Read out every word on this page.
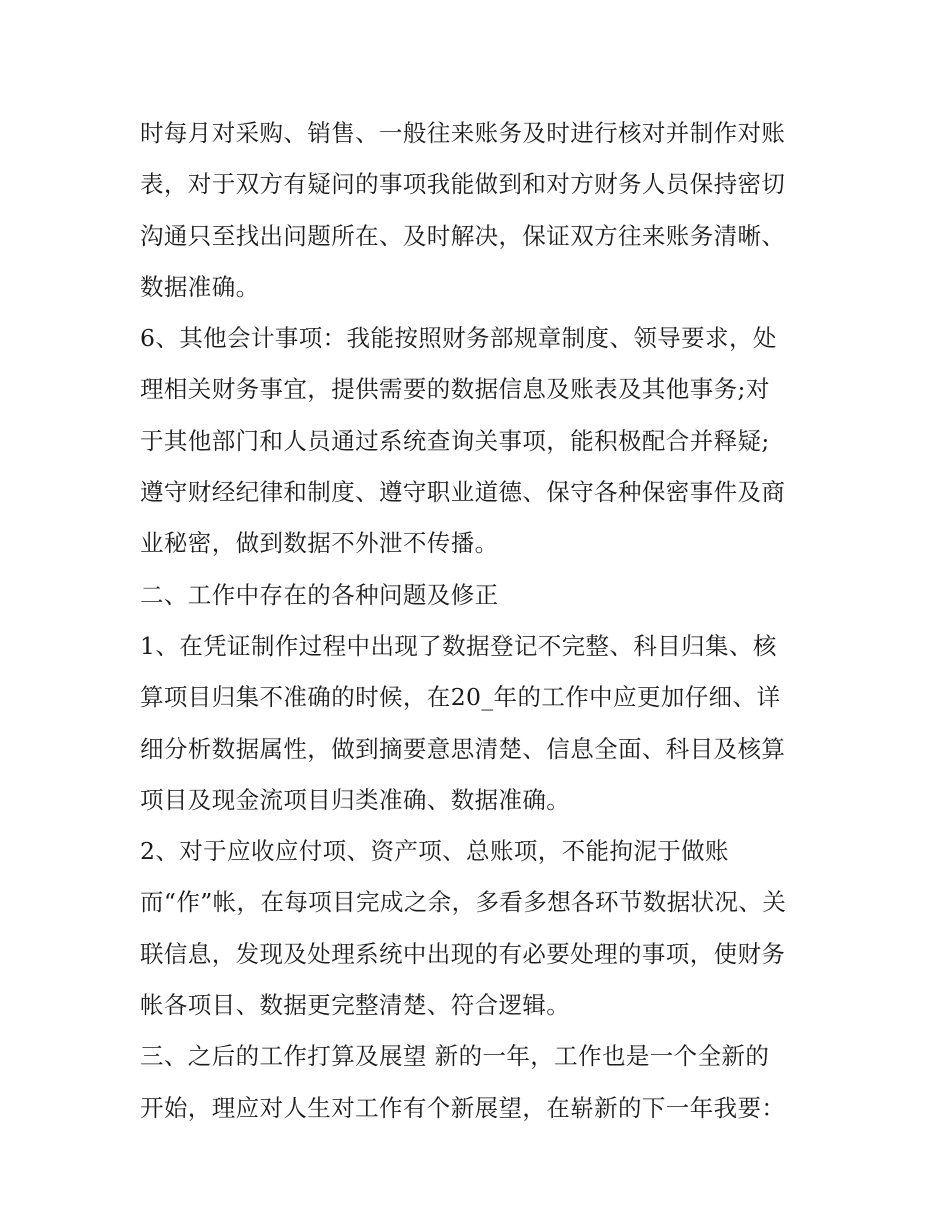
时每月对采购、销售、一般往来账务及时进行核对并制作对账
表，对于双方有疑问的事项我能做到和对方财务人员保持密切
沟通只至找出问题所在、及时解决，保证双方往来账务清晰、
数据准确。
6、其他会计事项：我能按照财务部规章制度、领导要求，处
理相关财务事宜，提供需要的数据信息及账表及其他事务;对
于其他部门和人员通过系统查询关事项，能积极配合并释疑;
遵守财经纪律和制度、遵守职业道德、保守各种保密事件及商
业秘密，做到数据不外泄不传播。
二、工作中存在的各种问题及修正
1、在凭证制作过程中出现了数据登记不完整、科目归集、核
算项目归集不准确的时候，在20_年的工作中应更加仔细、详
细分析数据属性，做到摘要意思清楚、信息全面、科目及核算
项目及现金流项目归类准确、数据准确。
2、对于应收应付项、资产项、总账项，不能拘泥于做账
而“作”帐，在每项目完成之余，多看多想各环节数据状况、关
联信息，发现及处理系统中出现的有必要处理的事项，使财务
帐各项目、数据更完整清楚、符合逻辑。
三、之后的工作打算及展望 新的一年，工作也是一个全新的
开始，理应对人生对工作有个新展望，在崭新的下一年我要：
